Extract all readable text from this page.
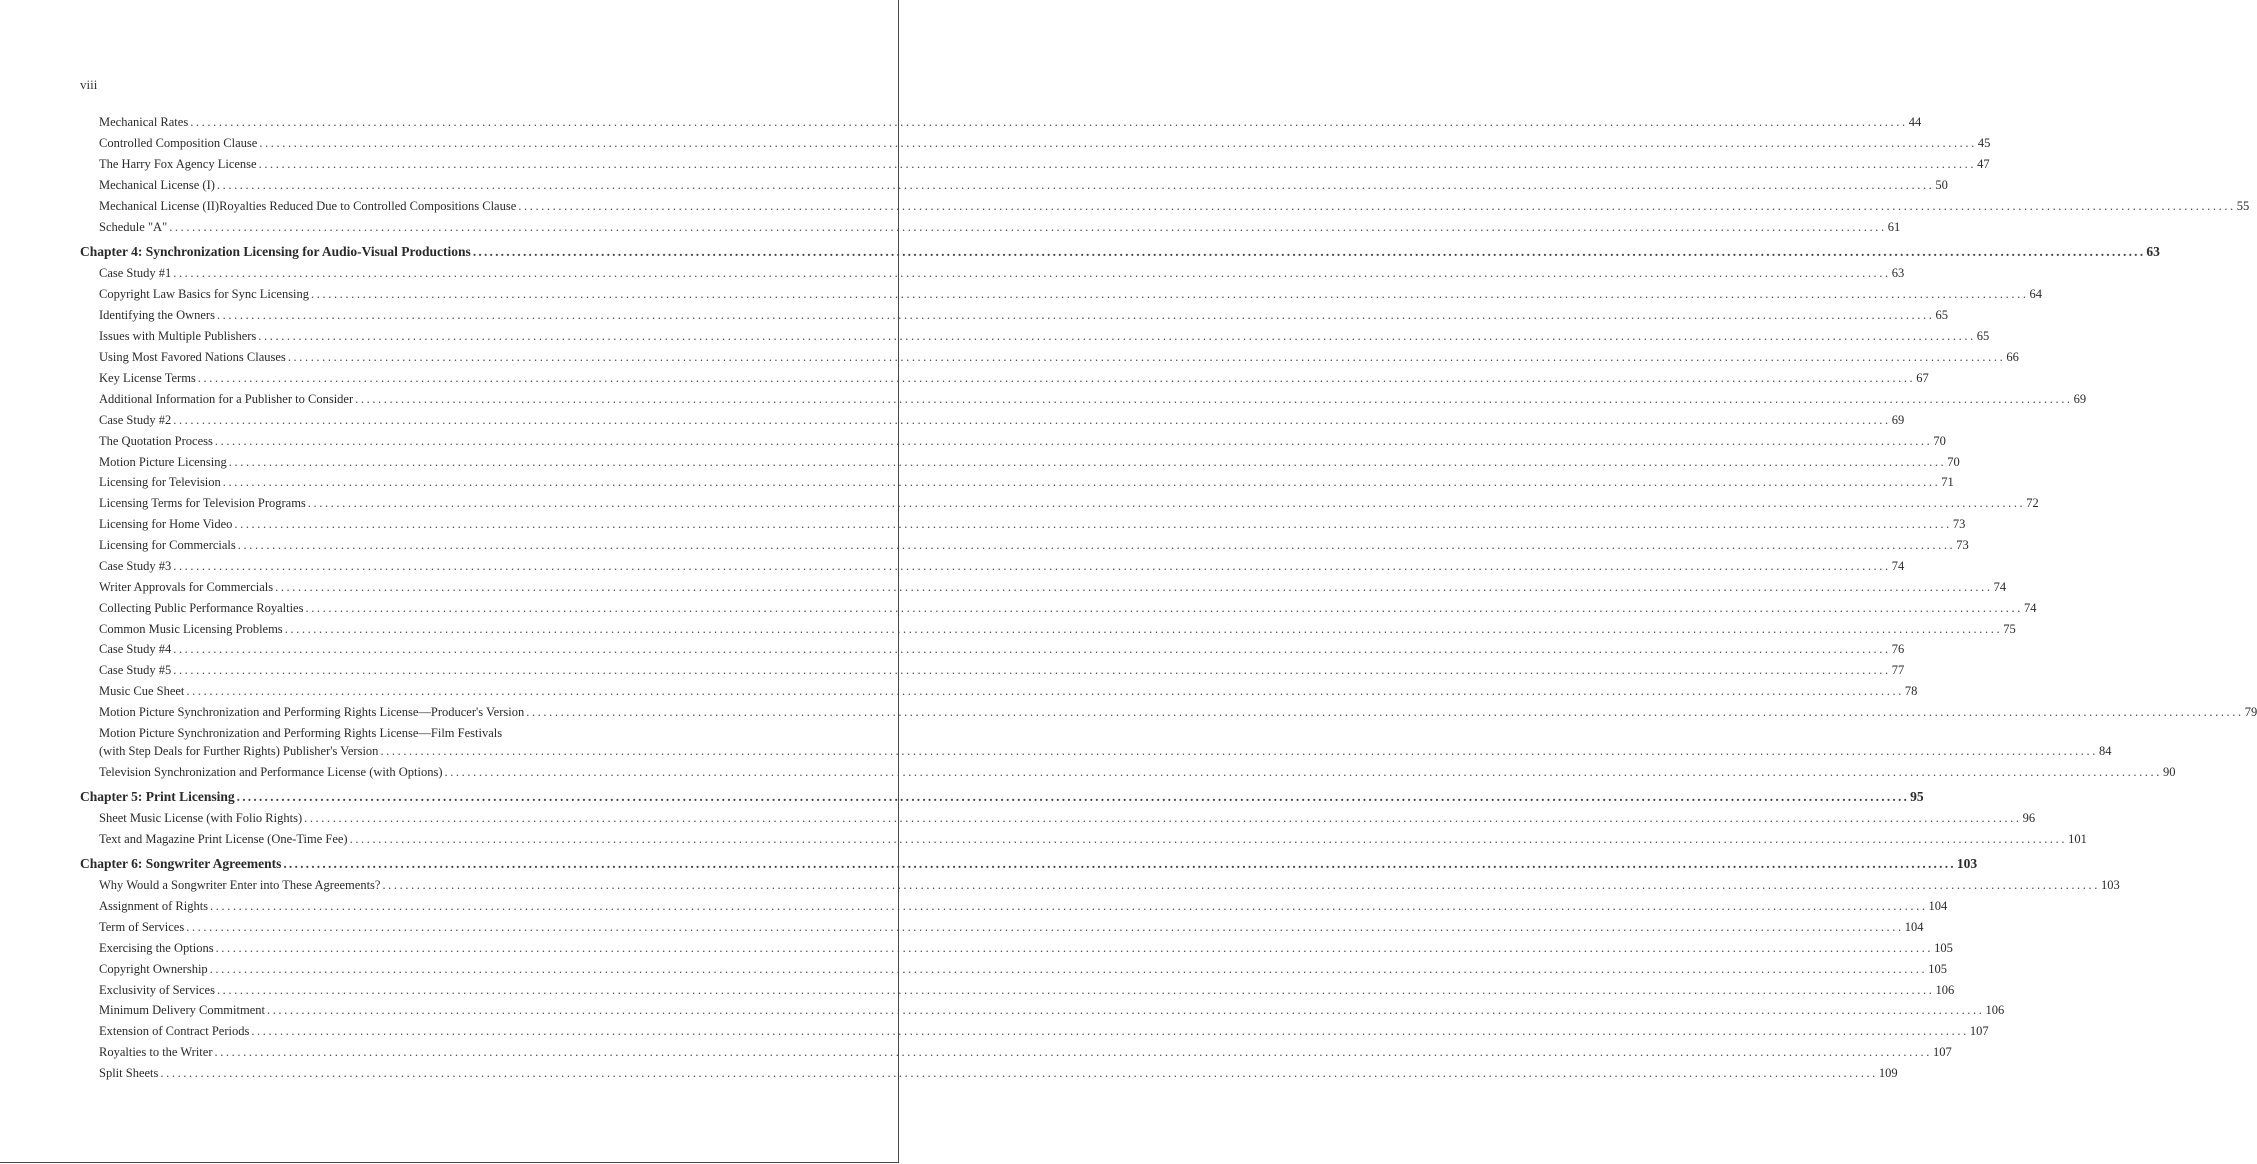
viii
Mechanical Rates ............................................................................................................................................................................................................................................................................................................ 44
Controlled Composition Clause ............................................................................................................................................................................................................................................................................................................ 45
The Harry Fox Agency License ............................................................................................................................................................................................................................................................................................................ 47
Mechanical License (I) ............................................................................................................................................................................................................................................................................................................ 50
Mechanical License (II)Royalties Reduced Due to Controlled Compositions Clause ............................................................................................................................................................................................................................................................................................................ 55
Schedule "A" ............................................................................................................................................................................................................................................................................................................ 61
Chapter 4: Synchronization Licensing for Audio-Visual Productions ............................................................................................................................................................................................................................................................................................................ 63
Case Study #1 ............................................................................................................................................................................................................................................................................................................ 63
Copyright Law Basics for Sync Licensing ............................................................................................................................................................................................................................................................................................................ 64
Identifying the Owners ............................................................................................................................................................................................................................................................................................................ 65
Issues with Multiple Publishers ............................................................................................................................................................................................................................................................................................................ 65
Using Most Favored Nations Clauses ............................................................................................................................................................................................................................................................................................................ 66
Key License Terms ............................................................................................................................................................................................................................................................................................................ 67
Additional Information for a Publisher to Consider ............................................................................................................................................................................................................................................................................................................ 69
Case Study #2 ............................................................................................................................................................................................................................................................................................................ 69
The Quotation Process ............................................................................................................................................................................................................................................................................................................ 70
Motion Picture Licensing ............................................................................................................................................................................................................................................................................................................ 70
Licensing for Television ............................................................................................................................................................................................................................................................................................................ 71
Licensing Terms for Television Programs ............................................................................................................................................................................................................................................................................................................ 72
Licensing for Home Video ............................................................................................................................................................................................................................................................................................................ 73
Licensing for Commercials ............................................................................................................................................................................................................................................................................................................ 73
Case Study #3 ............................................................................................................................................................................................................................................................................................................ 74
Writer Approvals for Commercials ............................................................................................................................................................................................................................................................................................................ 74
Collecting Public Performance Royalties ............................................................................................................................................................................................................................................................................................................ 74
Common Music Licensing Problems ............................................................................................................................................................................................................................................................................................................ 75
Case Study #4 ............................................................................................................................................................................................................................................................................................................ 76
Case Study #5 ............................................................................................................................................................................................................................................................................................................ 77
Music Cue Sheet ............................................................................................................................................................................................................................................................................................................ 78
Motion Picture Synchronization and Performing Rights License—Producer's Version ............................................................................................................................................................................................................................................................................................................ 79
(with Step Deals for Further Rights) Publisher's Version ............................................................................................................................................................................................................................................................................................................ 84
Television Synchronization and Performance License (with Options) ............................................................................................................................................................................................................................................................................................................ 90
Chapter 5: Print Licensing ............................................................................................................................................................................................................................................................................................................ 95
Sheet Music License (with Folio Rights) ............................................................................................................................................................................................................................................................................................................ 96
Text and Magazine Print License (One-Time Fee) ............................................................................................................................................................................................................................................................................................................ 101
Chapter 6: Songwriter Agreements ............................................................................................................................................................................................................................................................................................................ 103
Why Would a Songwriter Enter into These Agreements? ............................................................................................................................................................................................................................................................................................................ 103
Assignment of Rights ............................................................................................................................................................................................................................................................................................................ 104
Term of Services ............................................................................................................................................................................................................................................................................................................ 104
Exercising the Options ............................................................................................................................................................................................................................................................................................................ 105
Copyright Ownership ............................................................................................................................................................................................................................................................................................................ 105
Exclusivity of Services ............................................................................................................................................................................................................................................................................................................ 106
Minimum Delivery Commitment ............................................................................................................................................................................................................................................................................................................ 106
Extension of Contract Periods ............................................................................................................................................................................................................................................................................................................ 107
Royalties to the Writer ............................................................................................................................................................................................................................................................................................................ 107
Split Sheets ............................................................................................................................................................................................................................................................................................................ 109
Motion Picture Synchronization and Performing Rights License—Film Festivals
